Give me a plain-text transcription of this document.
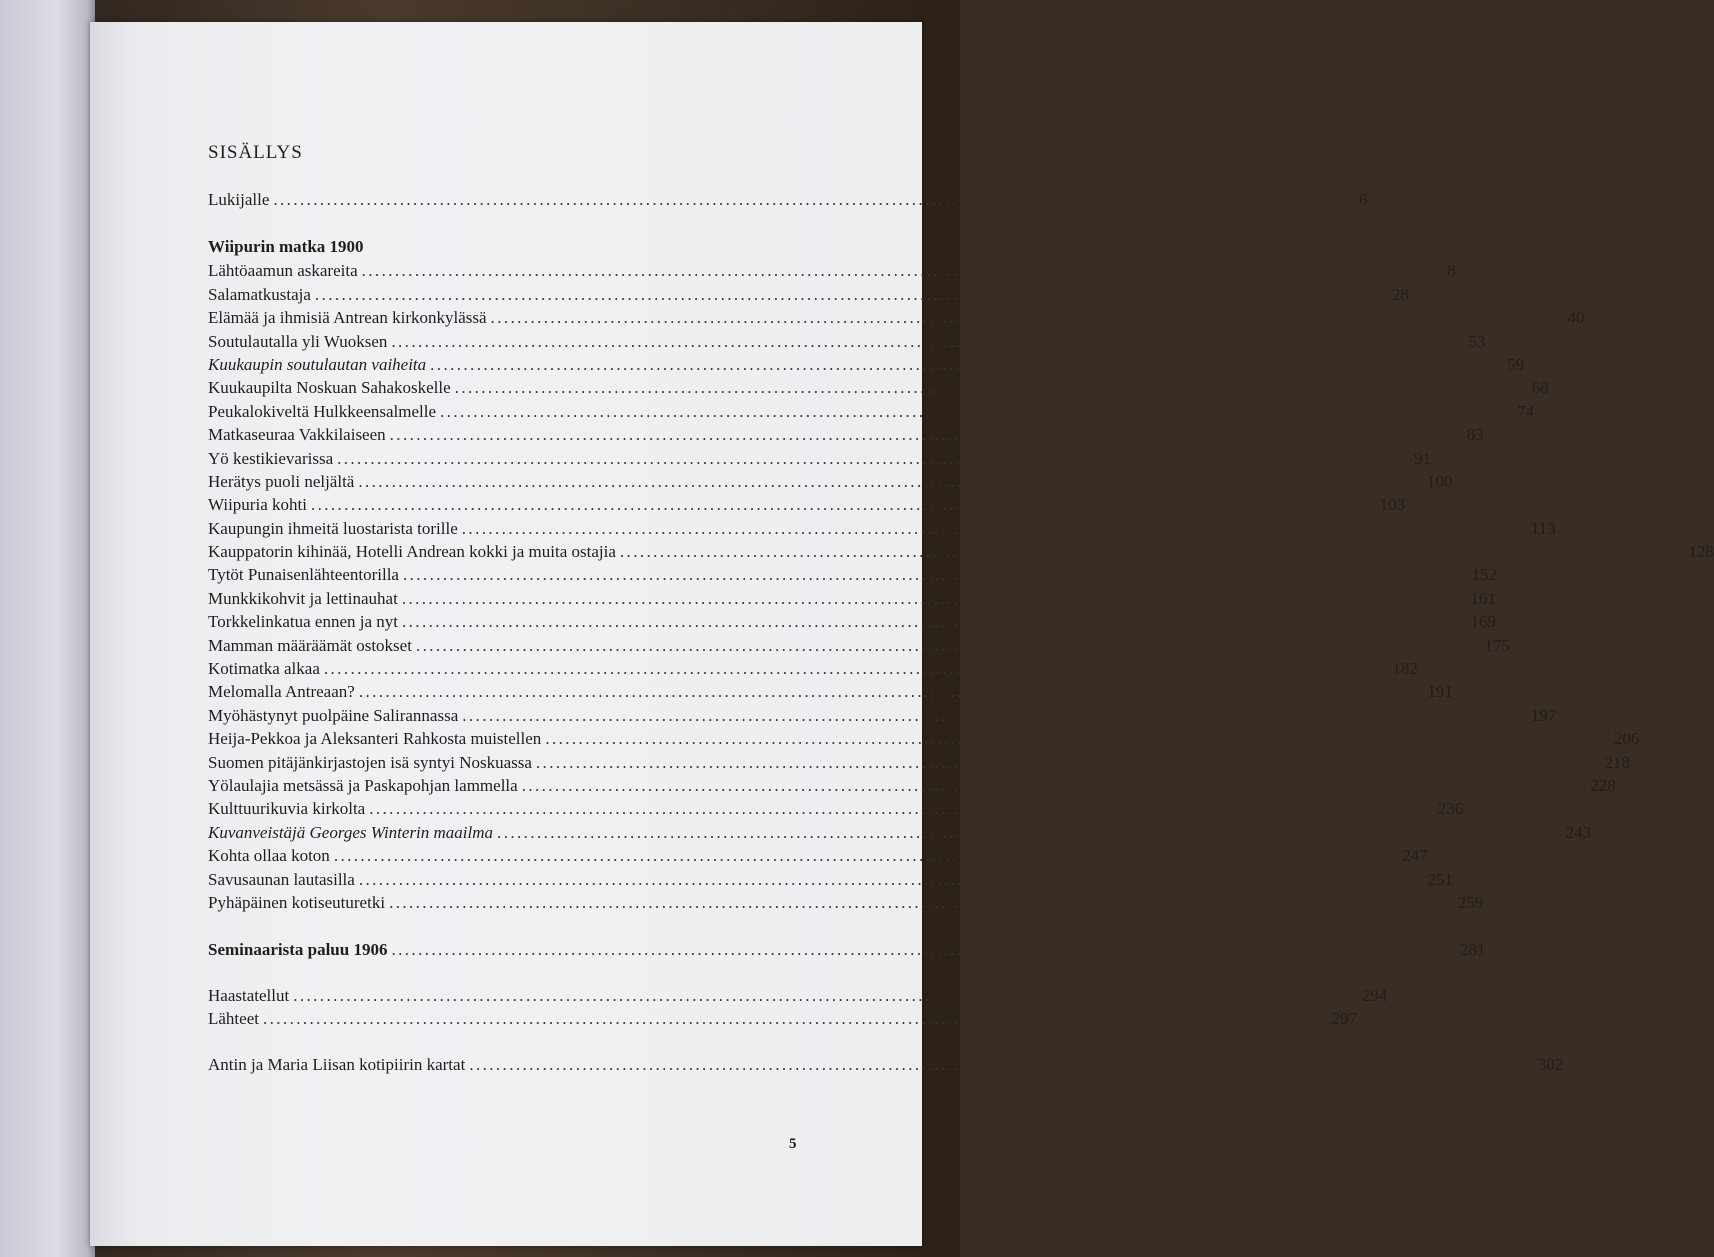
SISÄLLYS
Lukijalle ................................................................................................................................................................	6
Wiipurin matka 1900
Lähtöaamun askareita ................................................................................................................................................................	8
Salamatkustaja ................................................................................................................................................................ 28
Elämää ja ihmisiä Antrean kirkonkylässä ................................................................................................................................................................ 40
Soutulautalla yli Wuoksen ................................................................................................................................................................ 53
Kuukaupin soutulautan vaiheita ................................................................................................................................................................ 59
Kuukaupilta Noskuan Sahakoskelle ................................................................................................................................................................ 68
Peukalokiveltä Hulkkeensalmelle ................................................................................................................................................................ 74
Matkaseuraa Vakkilaiseen ................................................................................................................................................................ 83
Yö kestikievarissa ................................................................................................................................................................ 91
Herätys puoli neljältä ................................................................................................................................................................ 100
Wiipuria kohti ................................................................................................................................................................ 103
Kaupungin ihmeitä luostarista torille ................................................................................................................................................................ 113
Kauppatorin kihinää, Hotelli Andrean kokki ja muita ostajia ................................................................................................................................................................ 128
Tytöt Punaisenlähteentorilla ................................................................................................................................................................ 152
Munkkikohvit ja lettinauhat ................................................................................................................................................................ 161
Torkkelinkatua ennen ja nyt ................................................................................................................................................................ 169
Mamman määräämät ostokset ................................................................................................................................................................ 175
Kotimatka alkaa ................................................................................................................................................................ 182
Melomalla Antreaan? ................................................................................................................................................................ 191
Myöhästynyt puolpäine Salirannassa ................................................................................................................................................................ 197
Heija-Pekkoa ja Aleksanteri Rahkosta muistellen ................................................................................................................................................................ 206
Suomen pitäjänkirjastojen isä syntyi Noskuassa ................................................................................................................................................................ 218
Yölaulajia metsässä ja Paskapohjan lammella ................................................................................................................................................................ 228
Kulttuurikuvia kirkolta ................................................................................................................................................................ 236
Kuvanveistäjä Georges Winterin maailma ................................................................................................................................................................ 243
Kohta ollaa koton ................................................................................................................................................................ 247
Savusaunan lautasilla ................................................................................................................................................................ 251
Pyhäpäinen kotiseuturetki ................................................................................................................................................................ 259
Seminaarista paluu 1906 ................................................................................................................................................................ 281
Haastatellut ................................................................................................................................................................ 294
Lähteet ................................................................................................................................................................ 297
Antin ja Maria Liisan kotipiirin kartat ................................................................................................................................................................ 302
5
